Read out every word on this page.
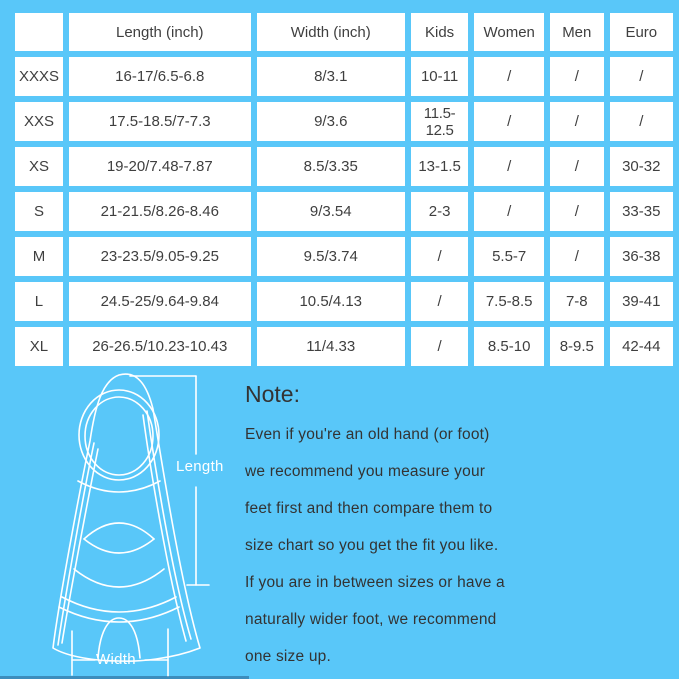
	Length (inch)	Width (inch)	Kids	Women	Men	Euro
XXXS	16-17/6.5-6.8	8/3.1	10-11	/	/	/
XXS	17.5-18.5/7-7.3	9/3.6	11.5-12.5	/	/	/
XS	19-20/7.48-7.87	8.5/3.35	13-1.5	/	/	30-32
S	21-21.5/8.26-8.46	9/3.54	2-3	/	/	33-35
M	23-23.5/9.05-9.25	9.5/3.74	/	5.5-7	/	36-38
L	24.5-25/9.64-9.84	10.5/4.13	/	7.5-8.5	7-8	39-41
XL	26-26.5/10.23-10.43	11/4.33	/	8.5-10	8-9.5	42-44
Length
Width
Note:
Even if you're an old hand (or foot)
we recommend you measure your
feet first and then compare them to
size chart so you get the fit you like.
If you are in between sizes or have a
naturally wider foot, we recommend
one size up.
